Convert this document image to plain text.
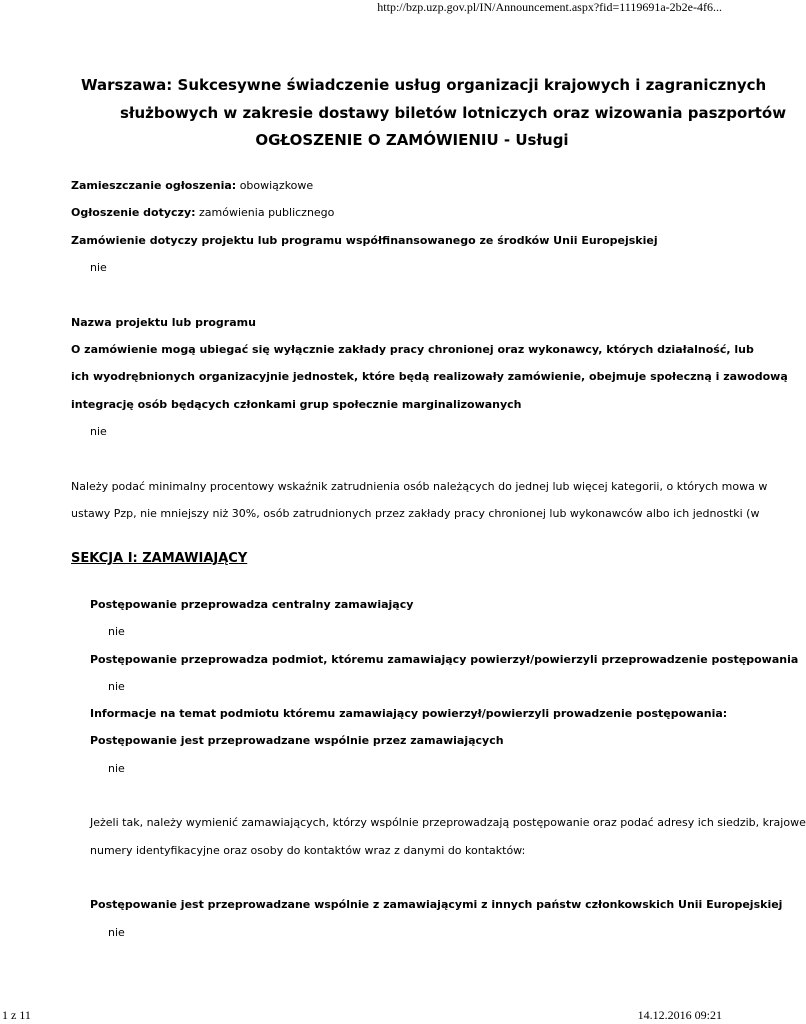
http://bzp.uzp.gov.pl/IN/Announcement.aspx?fid=1119691a-2b2e-4f6...
Warszawa: Sukcesywne świadczenie usług organizacji krajowych i zagranicznych
służbowych w zakresie dostawy biletów lotniczych oraz wizowania paszportów
OGŁOSZENIE O ZAMÓWIENIU - Usługi
Zamieszczanie ogłoszenia: obowiązkowe
Ogłoszenie dotyczy: zamówienia publicznego
Zamówienie dotyczy projektu lub programu współfinansowanego ze środków Unii Europejskiej
nie
Nazwa projektu lub programu
O zamówienie mogą ubiegać się wyłącznie zakłady pracy chronionej oraz wykonawcy, których działalność, lub
ich wyodrębnionych organizacyjnie jednostek, które będą realizowały zamówienie, obejmuje społeczną i zawodową
integrację osób będących członkami grup społecznie marginalizowanych
nie
Należy podać minimalny procentowy wskaźnik zatrudnienia osób należących do jednej lub więcej kategorii, o których mowa w
ustawy Pzp, nie mniejszy niż 30%, osób zatrudnionych przez zakłady pracy chronionej lub wykonawców albo ich jednostki (w
SEKCJA I: ZAMAWIAJĄCY
Postępowanie przeprowadza centralny zamawiający
nie
Postępowanie przeprowadza podmiot, któremu zamawiający powierzył/powierzyli przeprowadzenie postępowania
nie
Informacje na temat podmiotu któremu zamawiający powierzył/powierzyli prowadzenie postępowania:
Postępowanie jest przeprowadzane wspólnie przez zamawiających
nie
Jeżeli tak, należy wymienić zamawiających, którzy wspólnie przeprowadzają postępowanie oraz podać adresy ich siedzib, krajowe
numery identyfikacyjne oraz osoby do kontaktów wraz z danymi do kontaktów:
Postępowanie jest przeprowadzane wspólnie z zamawiającymi z innych państw członkowskich Unii Europejskiej
nie
1 z 11	14.12.2016 09:21
